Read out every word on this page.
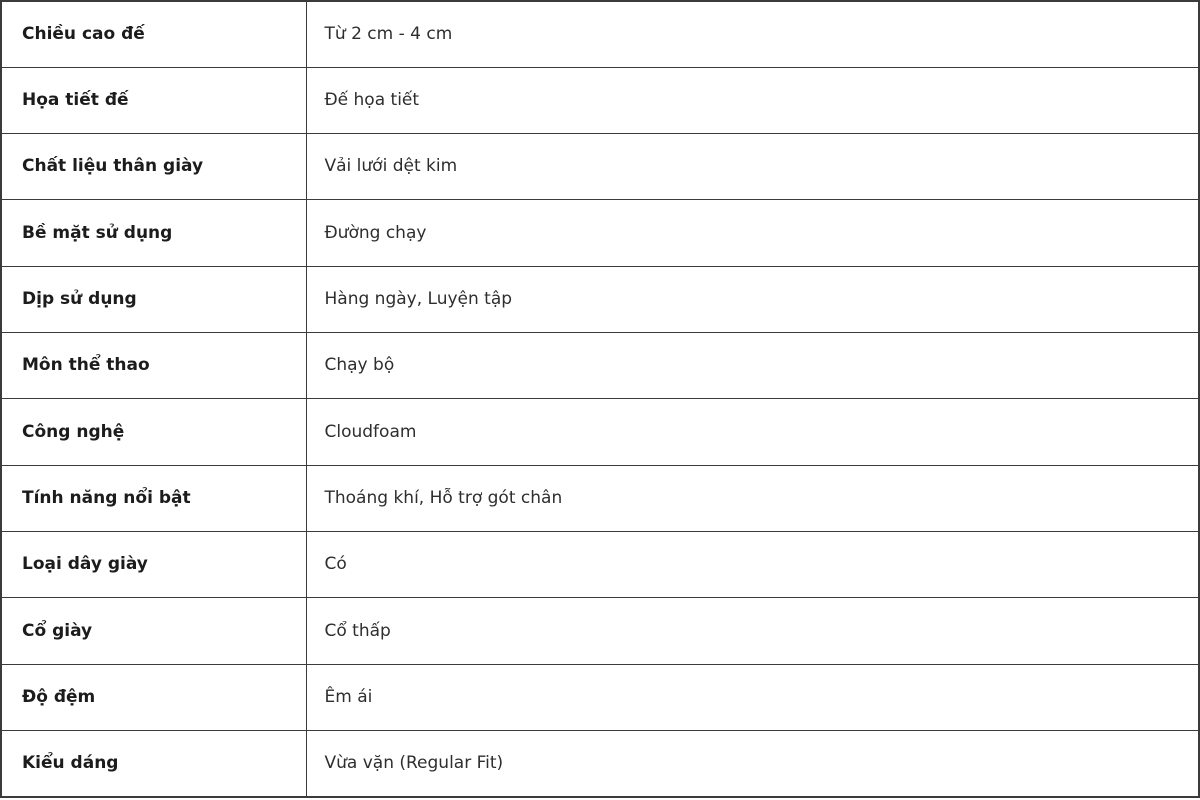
Chiều cao đế	Từ 2 cm - 4 cm
Họa tiết đế	Đế họa tiết
Chất liệu thân giày	Vải lưới dệt kim
Bề mặt sử dụng	Đường chạy
Dịp sử dụng	Hàng ngày, Luyện tập
Môn thể thao	Chạy bộ
Công nghệ	Cloudfoam
Tính năng nổi bật	Thoáng khí, Hỗ trợ gót chân
Loại dây giày	Có
Cổ giày	Cổ thấp
Độ đệm	Êm ái
Kiểu dáng	Vừa vặn (Regular Fit)
